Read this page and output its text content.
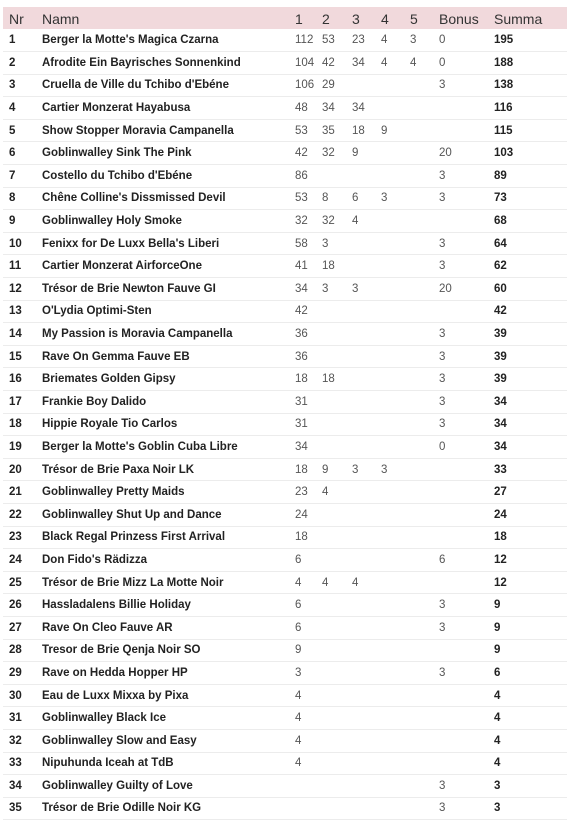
Nr	Namn	1	2	3	4	5	Bonus	Summa
1	Berger la Motte's Magica Czarna	112	53	23	4	3	0	195
2	Afrodite Ein Bayrisches Sonnenkind	104	42	34	4	4	0	188
3	Cruella de Ville du Tchibo d'Ebéne	106	29				3	138
4	Cartier Monzerat Hayabusa	48	34	34				116
5	Show Stopper Moravia Campanella	53	35	18	9			115
6	Goblinwalley Sink The Pink	42	32	9			20	103
7	Costello du Tchibo d'Ebéne	86					3	89
8	Chêne Colline's Dissmissed Devil	53	8	6	3		3	73
9	Goblinwalley Holy Smoke	32	32	4				68
10	Fenixx for De Luxx Bella's Liberi	58	3				3	64
11	Cartier Monzerat AirforceOne	41	18				3	62
12	Trésor de Brie Newton Fauve GI	34	3	3			20	60
13	O'Lydia Optimi-Sten	42						42
14	My Passion is Moravia Campanella	36					3	39
15	Rave On Gemma Fauve EB	36					3	39
16	Briemates Golden Gipsy	18	18				3	39
17	Frankie Boy Dalido	31					3	34
18	Hippie Royale Tio Carlos	31					3	34
19	Berger la Motte's Goblin Cuba Libre	34					0	34
20	Trésor de Brie Paxa Noir LK	18	9	3	3			33
21	Goblinwalley Pretty Maids	23	4					27
22	Goblinwalley Shut Up and Dance	24						24
23	Black Regal Prinzess First Arrival	18						18
24	Don Fido's Rädizza	6					6	12
25	Trésor de Brie Mizz La Motte Noir	4	4	4				12
26	Hassladalens Billie Holiday	6					3	9
27	Rave On Cleo Fauve AR	6					3	9
28	Tresor de Brie Qenja Noir SO	9						9
29	Rave on Hedda Hopper HP	3					3	6
30	Eau de Luxx Mixxa by Pixa	4						4
31	Goblinwalley Black Ice	4						4
32	Goblinwalley Slow and Easy	4						4
33	Nipuhunda Iceah at TdB	4						4
34	Goblinwalley Guilty of Love						3	3
35	Trésor de Brie Odille Noir KG						3	3
